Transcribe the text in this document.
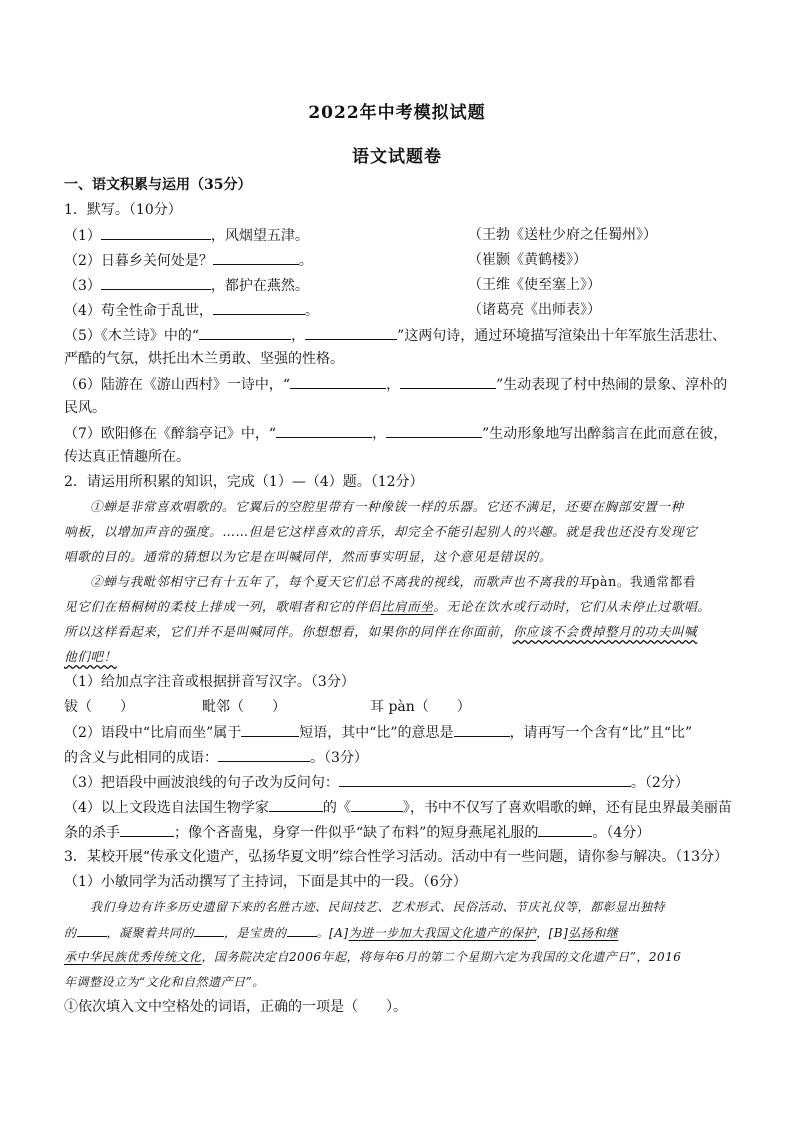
2022年中考模拟试题
语文试题卷
一、语文积累与运用（35分）
1．默写。（10分）
（1）	，风烟望五津。	（王勃《送杜少府之任蜀州》）
（2）日暮乡关何处是？	。	（崔颢《黄鹤楼》）
（3）	，都护在燕然。	（王维《使至塞上》）
（4）苟全性命于乱世，	。	（诸葛亮《出师表》）
（5）《木兰诗》中的“	，	”这两句诗，通过环境描写渲染出十年军旅生活悲壮、
严酷的气氛，烘托出木兰勇敢、坚强的性格。
（6）陆游在《游山西村》一诗中，“	，	”生动表现了村中热闹的景象、淳朴的
民风。
（7）欧阳修在《醉翁亭记》中，“	，	”生动形象地写出醉翁言在此而意在彼，
传达真正情趣所在。
2．请运用所积累的知识，完成（1）—（4）题。（12分）
①蝉是非常喜欢唱歌的。它翼后的空腔里带有一种像钹一样的乐器。它还不满足，还要在胸部安置一种
响板，以增加声音的强度。……但是它这样喜欢的音乐，却完全不能引起别人的兴趣。就是我也还没有发现它
唱歌的目的。通常的猜想以为它是在叫喊同伴，然而事实明显，这个意见是错误的。
②蝉与我毗邻相守已有十五年了，每个夏天它们总不离我的视线，而歌声也不离我的耳pàn。我通常都看
见它们在梧桐树的柔枝上排成一列，歌唱者和它的伴侣比肩而坐。无论在饮水或行动时，它们从未停止过歌唱。
所以这样看起来，它们并不是叫喊同伴。你想想看，如果你的同伴在你面前，你应该不会费掉整月的功夫叫喊
他们吧！
（1）给加点字注音或根据拼音写汉字。（3分）
钹（　　）	毗邻（　　）	耳 pàn（　　）
（2）语段中“比肩而坐”属于	短语，其中“比”的意思是	，请再写一个含有“比”且“比”
的含义与此相同的成语：	。（3分）
（3）把语段中画波浪线的句子改为反问句：	。（2分）
（4）以上文段选自法国生物学家	的《	》，书中不仅写了喜欢唱歌的蝉，还有昆虫界最美丽苗
条的杀手	；像个吝啬鬼，身穿一件似乎“缺了布料”的短身燕尾礼服的	。（4分）
3．某校开展“传承文化遗产，弘扬华夏文明”综合性学习活动。活动中有一些问题，请你参与解决。（13分）
（1）小敏同学为活动撰写了主持词，下面是其中的一段。（6分）
我们身边有许多历史遗留下来的名胜古迹、民间技艺、艺术形式、民俗活动、节庆礼仪等，都彰显出独特
的	，凝聚着共同的	，是宝贵的	。[A]为进一步加大我国文化遗产的保护，[B]弘扬和继
承中华民族优秀传统文化，国务院决定自2006年起，将每年6月的第二个星期六定为我国的文化遗产日”，2016
年调整设立为“文化和自然遗产日”。
①依次填入文中空格处的词语，正确的一项是（　　）。
